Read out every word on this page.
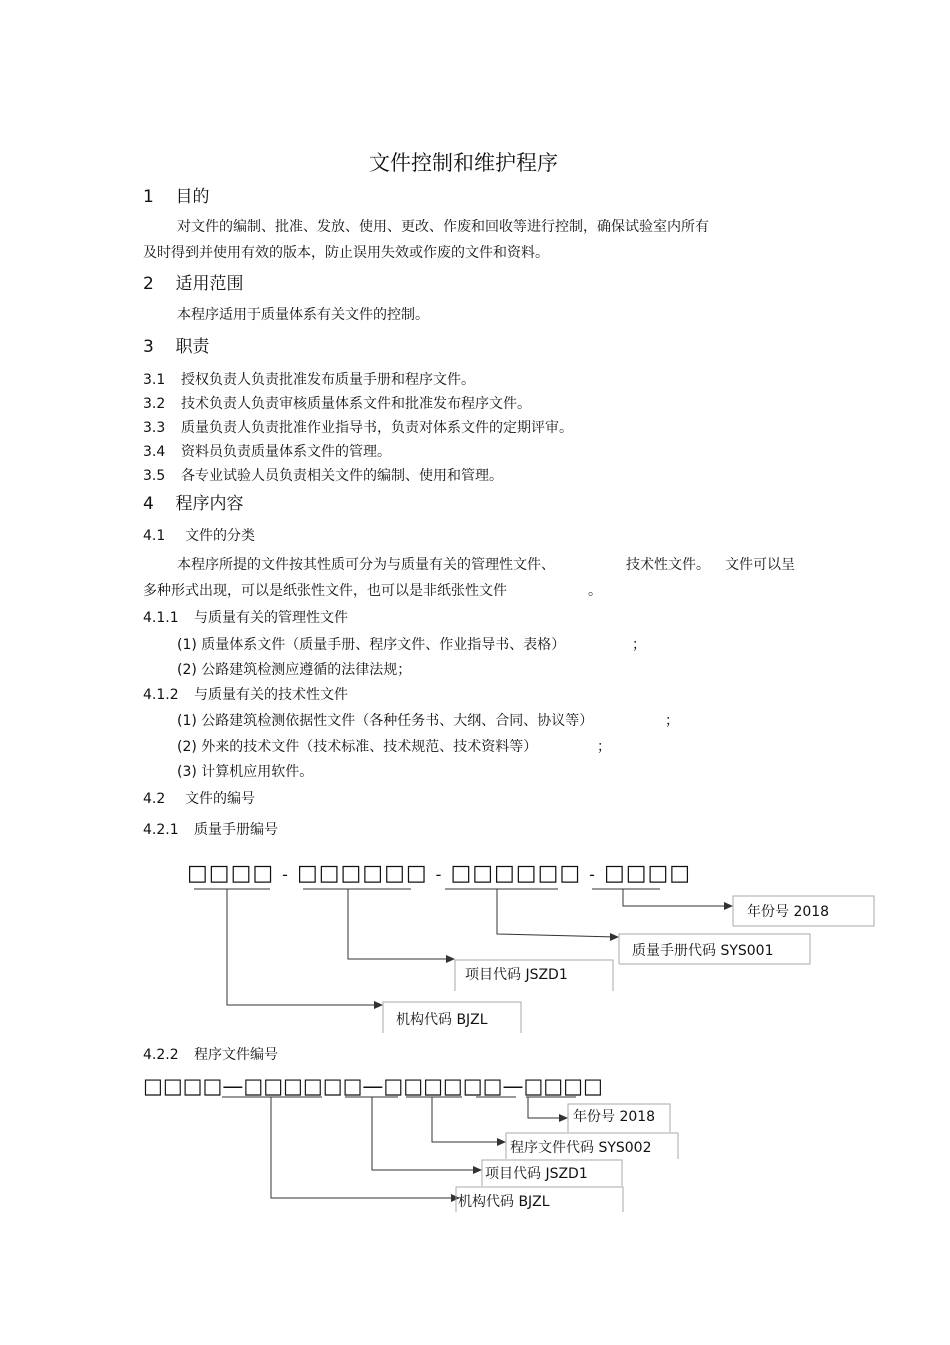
文件控制和维护程序
1 目的
对文件的编制、批准、发放、使用、更改、作废和回收等进行控制，确保试验室内所有
及时得到并使用有效的版本，防止误用失效或作废的文件和资料。
2 适用范围
本程序适用于质量体系有关文件的控制。
3 职责
3.1 授权负责人负责批准发布质量手册和程序文件。
3.2 技术负责人负责审核质量体系文件和批准发布程序文件。
3.3 质量负责人负责批准作业指导书，负责对体系文件的定期评审。
3.4 资料员负责质量体系文件的管理。
3.5 各专业试验人员负责相关文件的编制、使用和管理。
4 程序内容
4.1 文件的分类
本程序所提的文件按其性质可分为与质量有关的管理性文件、	技术性文件。 文件可以呈
多种形式出现，可以是纸张性文件，也可以是非纸张性文件	。
4.1.1 与质量有关的管理性文件
(1) 质量体系文件（质量手册、程序文件、作业指导书、表格）	；
(2) 公路建筑检测应遵循的法律法规；
4.1.2 与质量有关的技术性文件
(1) 公路建筑检测依据性文件（各种任务书、大纲、合同、协议等）	；
(2) 外来的技术文件（技术标准、技术规范、技术资料等）	；
(3) 计算机应用软件。
4.2 文件的编号
4.2.1 质量手册编号
□□□□ - □□□□□□ - □□□□□□ - □□□□
年份号 2018
质量手册代码 SYS001
项目代码 JSZD1
机构代码 BJZL
4.2.2 程序文件编号
□□□□—□□□□□□—□□□□□□—□□□□
年份号 2018
程序文件代码 SYS002
项目代码 JSZD1
机构代码 BJZL
